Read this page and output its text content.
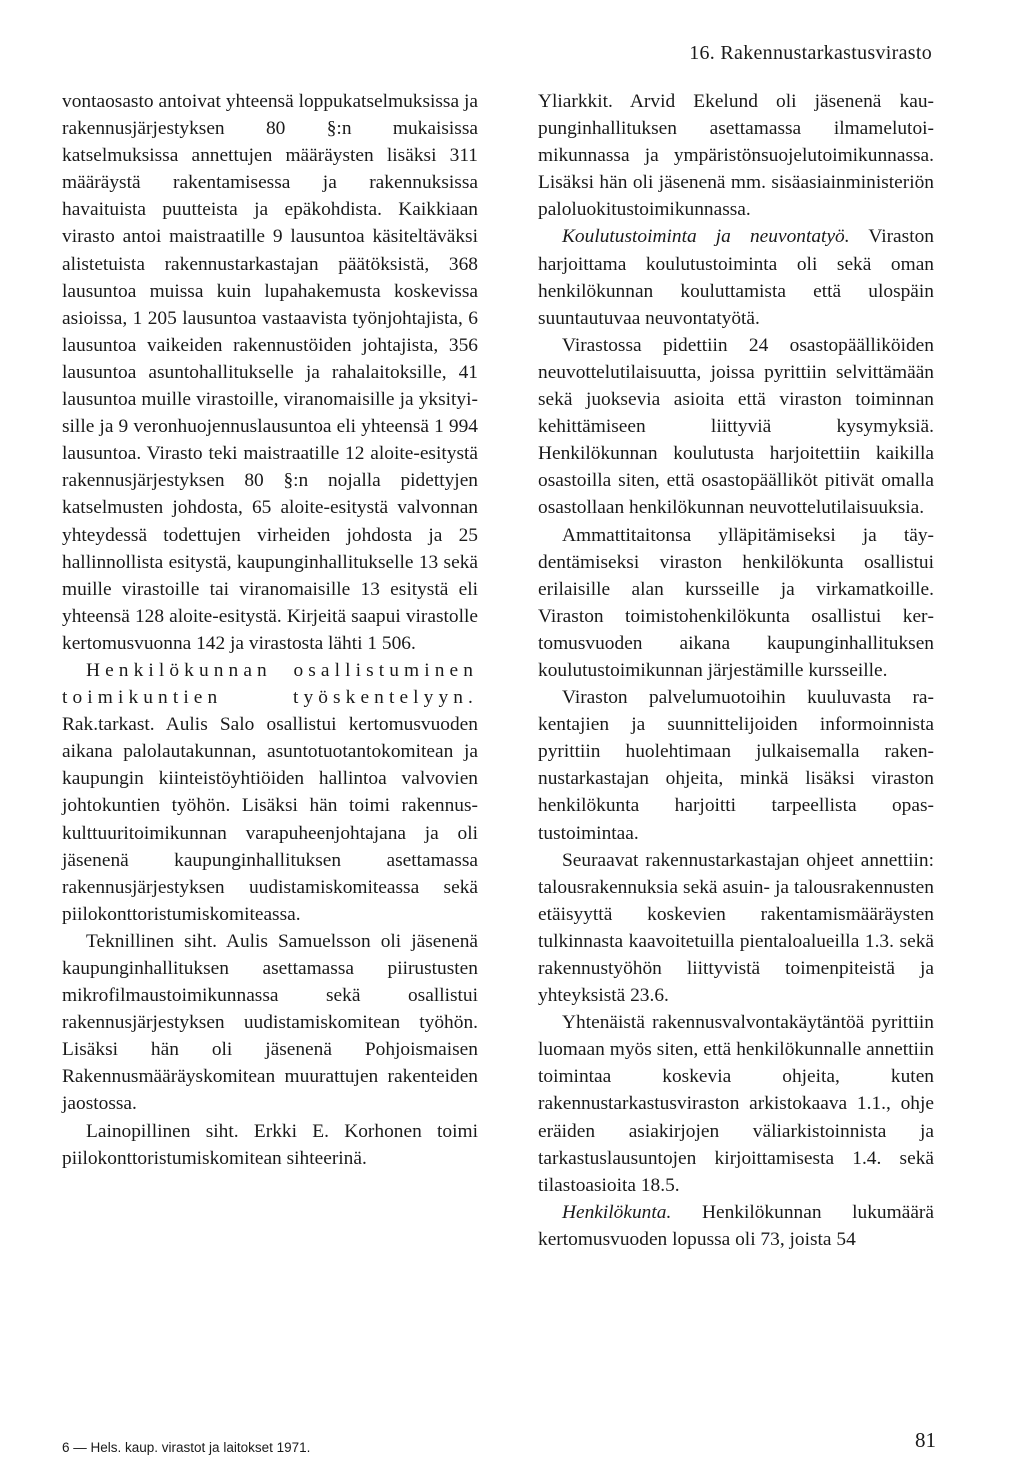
16. Rakennustarkastusvirasto

vontaosasto antoivat yhteensä loppukatselmuksissa ja rakennusjärjestyksen 80 §:n mukaisissa katselmuksissa annettujen määräysten lisäksi 311 määräystä rakentamisessa ja rakennuksissa havaituista puutteista ja epäkohdista. Kaikkiaan virasto antoi maistraatille 9 lausuntoa käsiteltäväksi alistetuista rakennustarkastajan päätöksistä, 368 lausuntoa muissa kuin lupahakemusta koskevissa asioissa, 1 205 lausuntoa vastaavista työnjohtajista, 6 lausuntoa vaikeiden rakennustöiden johtajista, 356 lausuntoa asuntohallitukselle ja rahalaitoksille, 41 lausuntoa muille virastoille, viranomaisille ja yksityisille ja 9 veronhuojennuslausuntoa eli yhteensä 1 994 lausuntoa. Virasto teki maistraatille 12 aloite-esitystä rakennusjärjestyksen 80 §:n nojalla pidettyjen katselmusten johdosta, 65 aloite-esitystä valvonnan yhteydessä todettujen virheiden johdosta ja 25 hallinnollista esitystä, kaupunginhallitukselle 13 sekä muille virastoille tai viranomaisille 13 esitystä eli yhteensä 128 aloite-esitystä. Kirjeitä saapui virastolle kertomusvuonna 142 ja virastosta lähti 1 506.

Henkilökunnan osallistuminen toimikuntien työskentelyyn. Rak.tarkast. Aulis Salo osallistui kertomusvuoden aikana palolautakunnan, asuntotuotantokomitean ja kaupungin kiinteistöyhtiöiden hallintoa valvovien johtokuntien työhön. Lisäksi hän toimi rakennuskulttuuritoimikunnan varapuheenjohtajana ja oli jäsenenä kaupunginhallituksen asettamassa rakennusjärjestyksen uudistamiskomiteassa sekä piilokonttoristumiskomiteassa.

Teknillinen siht. Aulis Samuelsson oli jäsenenä kaupunginhallituksen asettamassa piirustusten mikrofilmaustoimikunnassa sekä osallistui rakennusjärjestyksen uudistamiskomitean työhön. Lisäksi hän oli jäsenenä Pohjoismaisen Rakennusmääräyskomitean muurattujen rakenteiden jaostossa.

Lainopillinen siht. Erkki E. Korhonen toimi piilokonttoristumiskomitean sihteerinä.

Yliarkkit. Arvid Ekelund oli jäsenenä kaupunginhallituksen asettamassa ilmamelutoimikunnassa ja ympäristönsuojelutoimikunnassa. Lisäksi hän oli jäsenenä mm. sisäasiainministeriön paloluokitustoimikunnassa.

Koulutustoiminta ja neuvontatyö. Viraston harjoittama koulutustoiminta oli sekä oman henkilökunnan kouluttamista että ulospäin suuntautuvaa neuvontatyötä.

Virastossa pidettiin 24 osastopäälliköiden neuvottelutilaisuutta, joissa pyrittiin selvittämään sekä juoksevia asioita että viraston toiminnan kehittämiseen liittyviä kysymyksiä. Henkilökunnan koulutusta harjoitettiin kaikilla osastoilla siten, että osastopäälliköt pitivät omalla osastollaan henkilökunnan neuvottelutilaisuuksia.

Ammattitaitonsa ylläpitämiseksi ja täydentämiseksi viraston henkilökunta osallistui erilaisille alan kursseille ja virkamatkoille. Viraston toimistohenkilökunta osallistui kertomusvuoden aikana kaupunginhallituksen koulutustoimikunnan järjestämille kursseille.

Viraston palvelumuotoihin kuuluvasta rakentajien ja suunnittelijoiden informoinnista pyrittiin huolehtimaan julkaisemalla rakennustarkastajan ohjeita, minkä lisäksi viraston henkilökunta harjoitti tarpeellista opastustoimintaa.

Seuraavat rakennustarkastajan ohjeet annettiin: talousrakennuksia sekä asuin- ja talousrakennusten etäisyyttä koskevien rakentamismääräysten tulkinnasta kaavoitetuilla pientaloalueilla 1.3. sekä rakennustyöhön liittyvistä toimenpiteistä ja yhteyksistä 23.6.

Yhtenäistä rakennusvalvontakäytäntöä pyrittiin luomaan myös siten, että henkilökunnalle annettiin toimintaa koskevia ohjeita, kuten rakennustarkastusviraston arkistokaava 1.1., ohje eräiden asiakirjojen väliarkistoinnista ja tarkastuslausuntojen kirjoittamisesta 1.4. sekä tilastoasioita 18.5.

Henkilökunta. Henkilökunnan lukumäärä kertomusvuoden lopussa oli 73, joista 54

6 — Hels. kaup. virastot ja laitokset 1971.	81
